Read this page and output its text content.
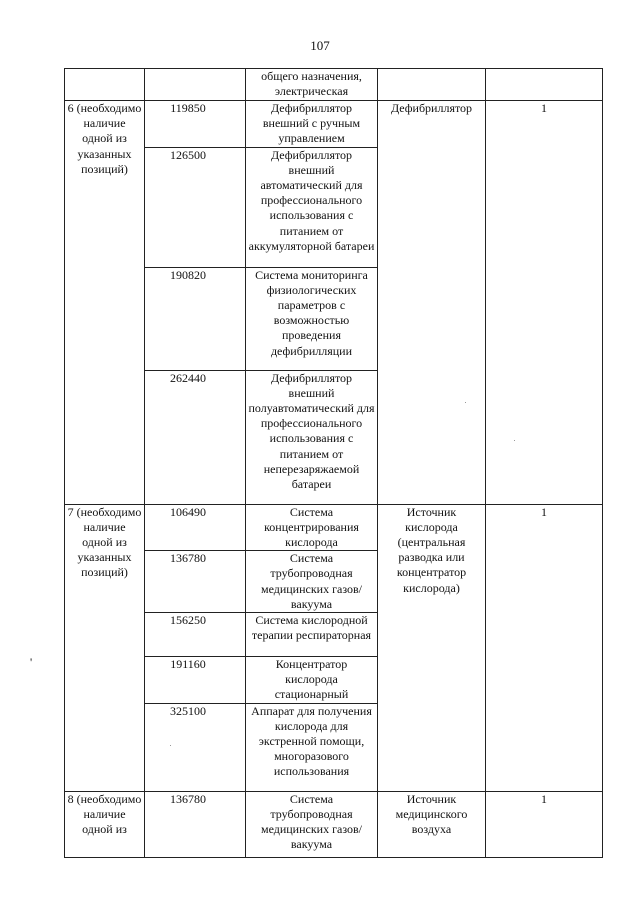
107
		общего назначения, электрическая		
6 (необходимо наличие одной из указанных позиций)	119850	Дефибриллятор внешний с ручным управлением	Дефибриллятор	1
	126500	Дефибриллятор внешний автоматический для профессионального использования с питанием от аккумуляторной батареи		
	190820	Система мониторинга физиологических параметров с возможностью проведения дефибрилляции		
	262440	Дефибриллятор внешний полуавтоматический для профессионального использования с питанием от неперезаряжаемой батареи		
7 (необходимо наличие одной из указанных позиций)	106490	Система концентрирования кислорода	Источник кислорода (центральная разводка или концентратор кислорода)	1
	136780	Система трубопроводная медицинских газов/вакуума		
	156250	Система кислородной терапии респираторная		
	191160	Концентратор кислорода стационарный		
	325100	Аппарат для получения кислорода для экстренной помощи, многоразового использования		
8 (необходимо наличие одной из	136780	Система трубопроводная медицинских газов/вакуума	Источник медицинского воздуха	1
'
